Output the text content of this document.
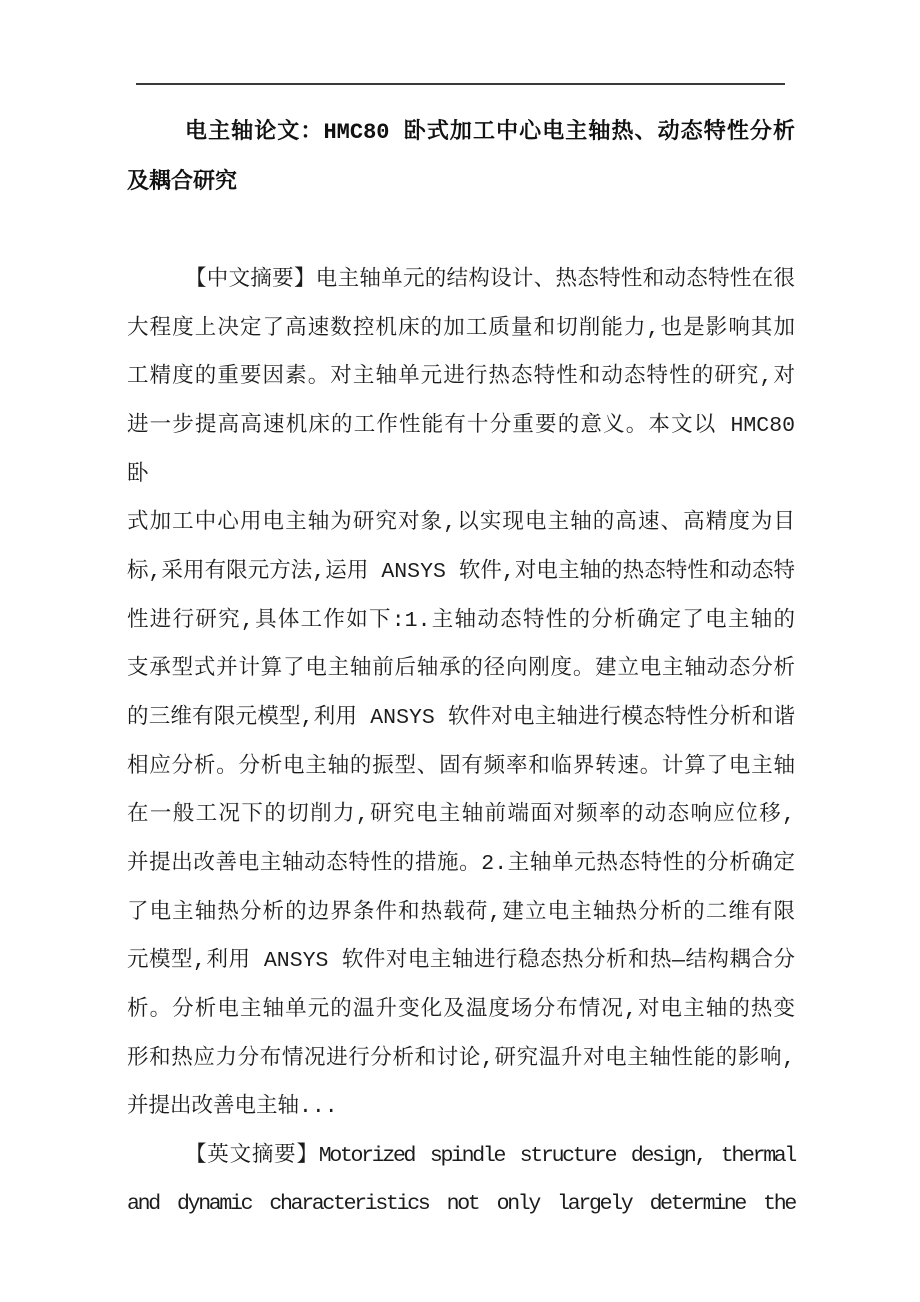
电主轴论文：HMC80 卧式加工中心电主轴热、动态特性分析
及耦合研究
【中文摘要】电主轴单元的结构设计、热态特性和动态特性在很
大程度上决定了高速数控机床的加工质量和切削能力,也是影响其加
工精度的重要因素。对主轴单元进行热态特性和动态特性的研究,对
进一步提高高速机床的工作性能有十分重要的意义。本文以 HMC80 卧
式加工中心用电主轴为研究对象,以实现电主轴的高速、高精度为目
标,采用有限元方法,运用 ANSYS 软件,对电主轴的热态特性和动态特
性进行研究,具体工作如下:1.主轴动态特性的分析确定了电主轴的
支承型式并计算了电主轴前后轴承的径向刚度。建立电主轴动态分析
的三维有限元模型,利用 ANSYS 软件对电主轴进行模态特性分析和谐
相应分析。分析电主轴的振型、固有频率和临界转速。计算了电主轴
在一般工况下的切削力,研究电主轴前端面对频率的动态响应位移,
并提出改善电主轴动态特性的措施。2.主轴单元热态特性的分析确定
了电主轴热分析的边界条件和热载荷,建立电主轴热分析的二维有限
元模型,利用 ANSYS 软件对电主轴进行稳态热分析和热—结构耦合分
析。分析电主轴单元的温升变化及温度场分布情况,对电主轴的热变
形和热应力分布情况进行分析和讨论,研究温升对电主轴性能的影响,
并提出改善电主轴...
【英文摘要】Motorized spindle structure design, thermal
and dynamic characteristics not only largely determine the
